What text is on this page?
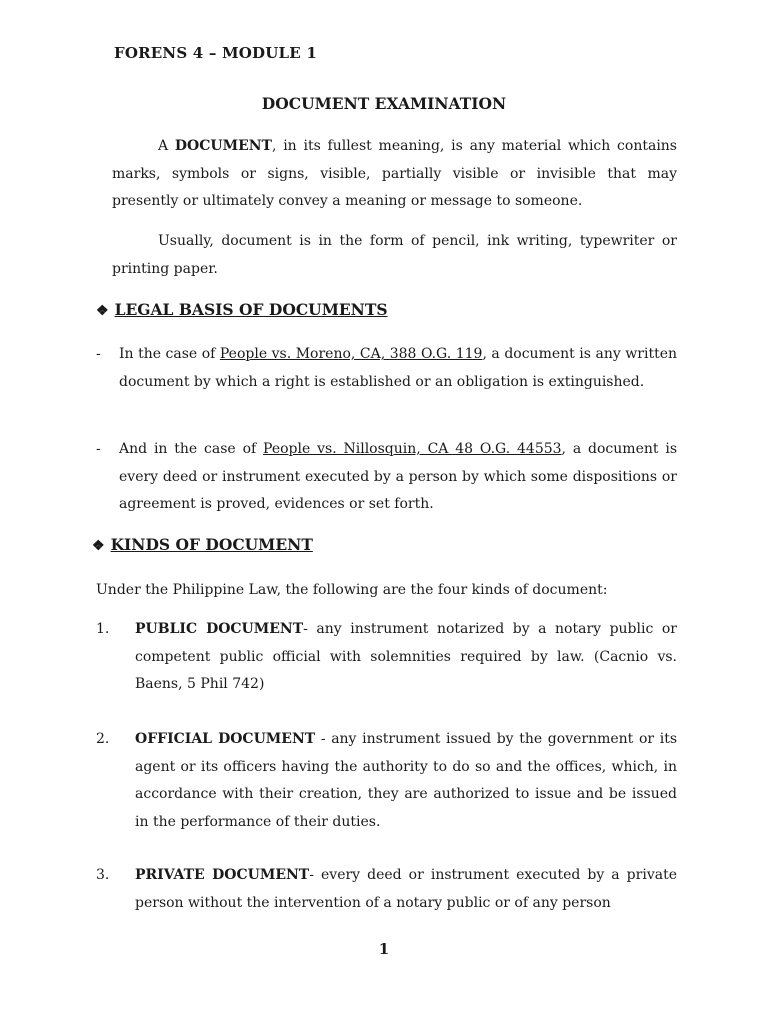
FORENS 4 – MODULE 1
DOCUMENT EXAMINATION
A DOCUMENT, in its fullest meaning, is any material which contains marks, symbols or signs, visible, partially visible or invisible that may presently or ultimately convey a meaning or message to someone.
Usually, document is in the form of pencil, ink writing, typewriter or printing paper.
❖ LEGAL BASIS OF DOCUMENTS
- In the case of People vs. Moreno, CA, 388 O.G. 119, a document is any written document by which a right is established or an obligation is extinguished.
- And in the case of People vs. Nillosquin, CA 48 O.G. 44553, a document is every deed or instrument executed by a person by which some dispositions or agreement is proved, evidences or set forth.
❖ KINDS OF DOCUMENT
Under the Philippine Law, the following are the four kinds of document:
1. PUBLIC DOCUMENT- any instrument notarized by a notary public or competent public official with solemnities required by law. (Cacnio vs. Baens, 5 Phil 742)
2. OFFICIAL DOCUMENT - any instrument issued by the government or its agent or its officers having the authority to do so and the offices, which, in accordance with their creation, they are authorized to issue and be issued in the performance of their duties.
3. PRIVATE DOCUMENT- every deed or instrument executed by a private person without the intervention of a notary public or of any person
1
